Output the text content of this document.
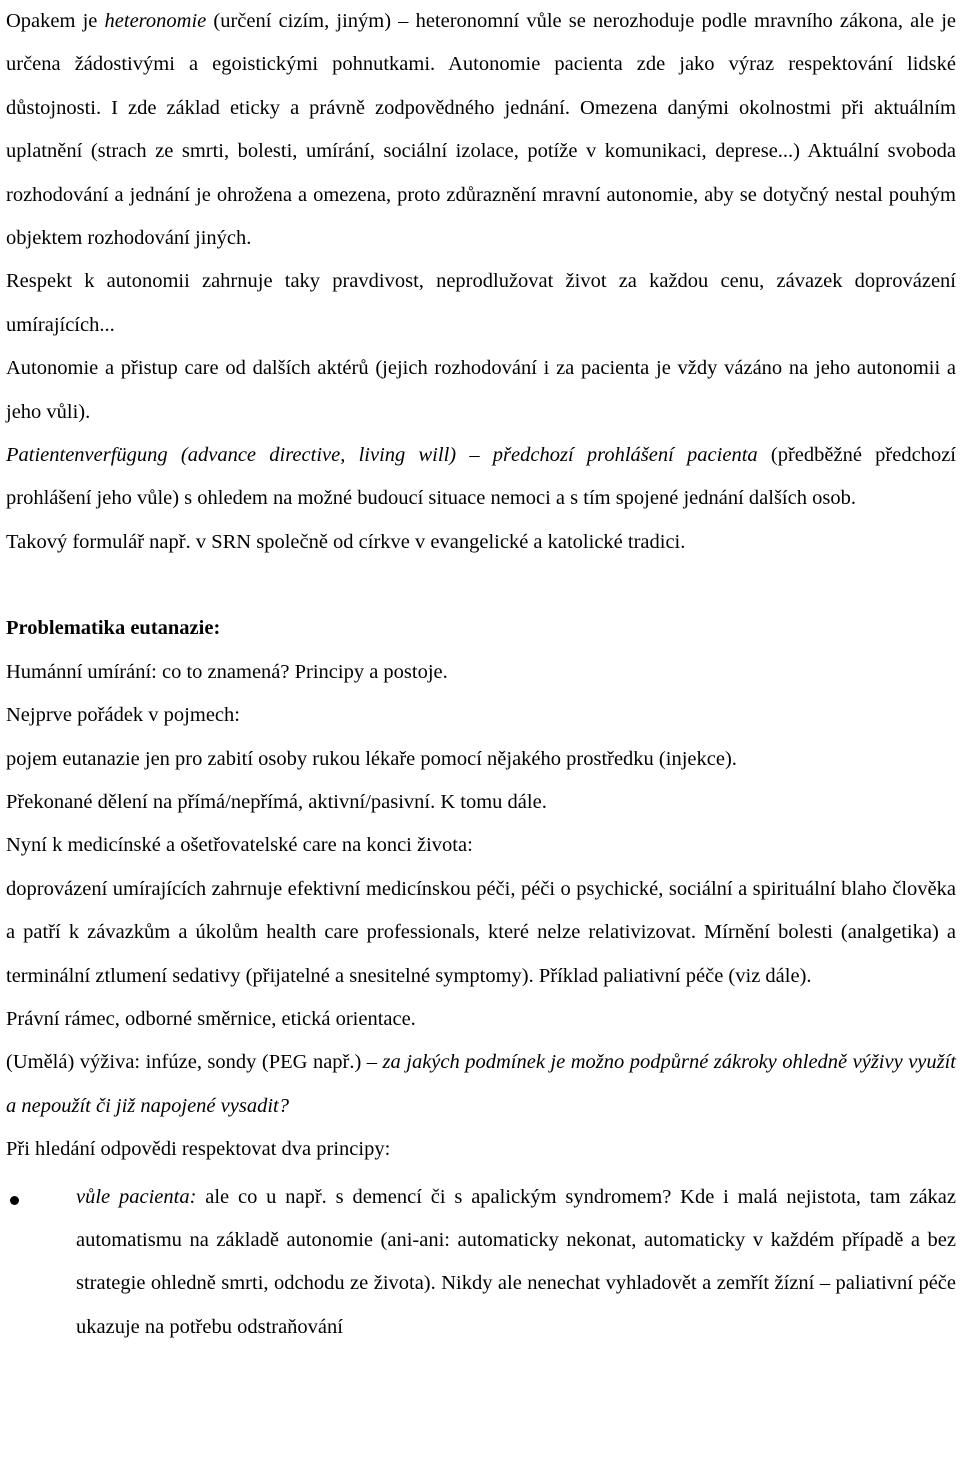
Opakem je heteronomie (určení cizím, jiným) – heteronomní vůle se nerozhoduje podle mravního zákona, ale je určena žádostivými a egoistickými pohnutkami. Autonomie pacienta zde jako výraz respektování lidské důstojnosti. I zde základ eticky a právně zodpovědného jednání. Omezena danými okolnostmi při aktuálním uplatnění (strach ze smrti, bolesti, umírání, sociální izolace, potíže v komunikaci, deprese...) Aktuální svoboda rozhodování a jednání je ohrožena a omezena, proto zdůraznění mravní autonomie, aby se dotyčný nestal pouhým objektem rozhodování jiných.

Respekt k autonomii zahrnuje taky pravdivost, neprodlužovat život za každou cenu, závazek doprovázení umírajících...

Autonomie a přistup care od dalších aktérů (jejich rozhodování i za pacienta je vždy vázáno na jeho autonomii a jeho vůli).

Patientenverfügung (advance directive, living will) – předchozí prohlášení pacienta (předběžné předchozí prohlášení jeho vůle) s ohledem na možné budoucí situace nemoci a s tím spojené jednání dalších osob.

Takový formulář např. v SRN společně od církve v evangelické a katolické tradici.

Problematika eutanazie:

Humánní umírání: co to znamená? Principy a postoje.

Nejprve pořádek v pojmech:

pojem eutanazie jen pro zabití osoby rukou lékaře pomocí nějakého prostředku (injekce).

Překonané dělení na přímá/nepřímá, aktivní/pasivní. K tomu dále.

Nyní k medicínské a ošetřovatelské care na konci života:

doprovázení umírajících zahrnuje efektivní medicínskou péči, péči o psychické, sociální a spirituální blaho člověka a patří k závazkům a úkolům health care professionals, které nelze relativizovat. Mírnění bolesti (analgetika) a terminální ztlumení sedativy (přijatelné a snesitelné symptomy). Příklad paliativní péče (viz dále).

Právní rámec, odborné směrnice, etická orientace.

(Umělá) výživa: infúze, sondy (PEG např.) – za jakých podmínek je možno podpůrné zákroky ohledně výživy využít a nepoužít či již napojené vysadit?

Při hledání odpovědi respektovat dva principy:

vůle pacienta: ale co u např. s demencí či s apalickým syndromem? Kde i malá nejistota, tam zákaz automatismu na základě autonomie (ani-ani: automaticky nekonat, automaticky v každém případě a bez strategie ohledně smrti, odchodu ze života). Nikdy ale nenechat vyhladovět a zemřít žízní – paliativní péče ukazuje na potřebu odstraňování
